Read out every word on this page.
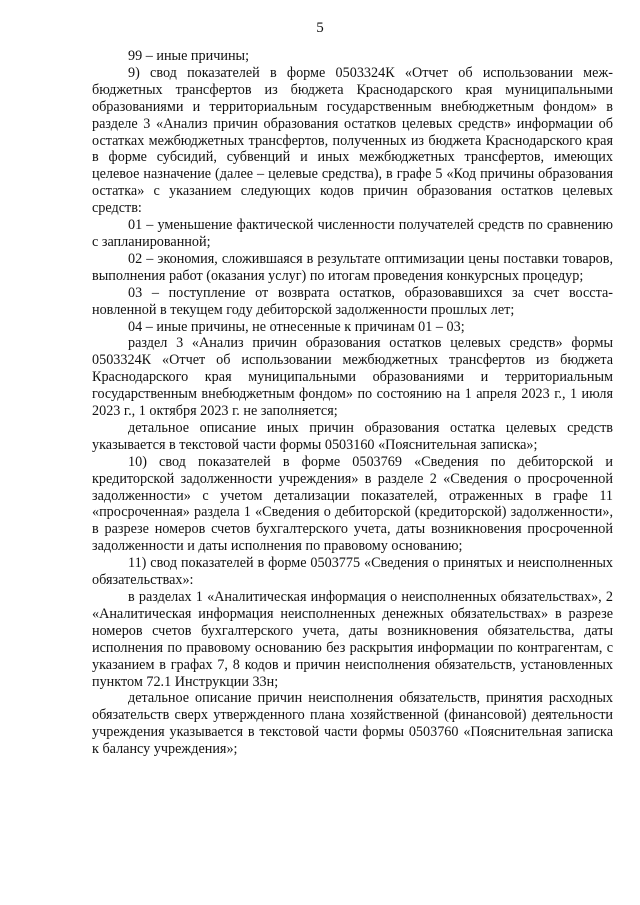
5

99 – иные причины;

9) свод показателей в форме 0503324К «Отчет об использовании межбюджетных трансфертов из бюджета Краснодарского края муниципальными образованиями и территориальным государственным внебюджетным фондом» в разделе 3 «Анализ причин образования остатков целевых средств» информации об остатках межбюджетных трансфертов, полученных из бюджета Краснодарского края в форме субсидий, субвенций и иных межбюджетных трансфертов, имеющих целевое назначение (далее – целевые средства), в графе 5 «Код причины образования остатка» с указанием следующих кодов причин образования остатков целевых средств:

01 – уменьшение фактической численности получателей средств по сравнению с запланированной;

02 – экономия, сложившаяся в результате оптимизации цены поставки товаров, выполнения работ (оказания услуг) по итогам проведения конкурсных процедур;

03 – поступление от возврата остатков, образовавшихся за счет восстановленной в текущем году дебиторской задолженности прошлых лет;

04 – иные причины, не отнесенные к причинам 01 – 03;

раздел 3 «Анализ причин образования остатков целевых средств» формы 0503324К «Отчет об использовании межбюджетных трансфертов из бюджета Краснодарского края муниципальными образованиями и территориальным государственным внебюджетным фондом» по состоянию на 1 апреля 2023 г., 1 июля 2023 г., 1 октября 2023 г. не заполняется;

детальное описание иных причин образования остатка целевых средств указывается в текстовой части формы 0503160 «Пояснительная записка»;

10) свод показателей в форме 0503769 «Сведения по дебиторской и кредиторской задолженности учреждения» в разделе 2 «Сведения о просроченной задолженности» с учетом детализации показателей, отраженных в графе 11 «просроченная» раздела 1 «Сведения о дебиторской (кредиторской) задолженности», в разрезе номеров счетов бухгалтерского учета, даты возникновения просроченной задолженности и даты исполнения по правовому основанию;

11) свод показателей в форме 0503775 «Сведения о принятых и неисполненных обязательствах»:

в разделах 1 «Аналитическая информация о неисполненных обязательствах», 2 «Аналитическая информация неисполненных денежных обязательствах» в разрезе номеров счетов бухгалтерского учета, даты возникновения обязательства, даты исполнения по правовому основанию без раскрытия информации по контрагентам, с указанием в графах 7, 8 кодов и причин неисполнения обязательств, установленных пунктом 72.1 Инструкции 33н;

детальное описание причин неисполнения обязательств, принятия расходных обязательств сверх утвержденного плана хозяйственной (финансовой) деятельности учреждения указывается в текстовой части формы 0503760 «Пояснительная записка к балансу учреждения»;
